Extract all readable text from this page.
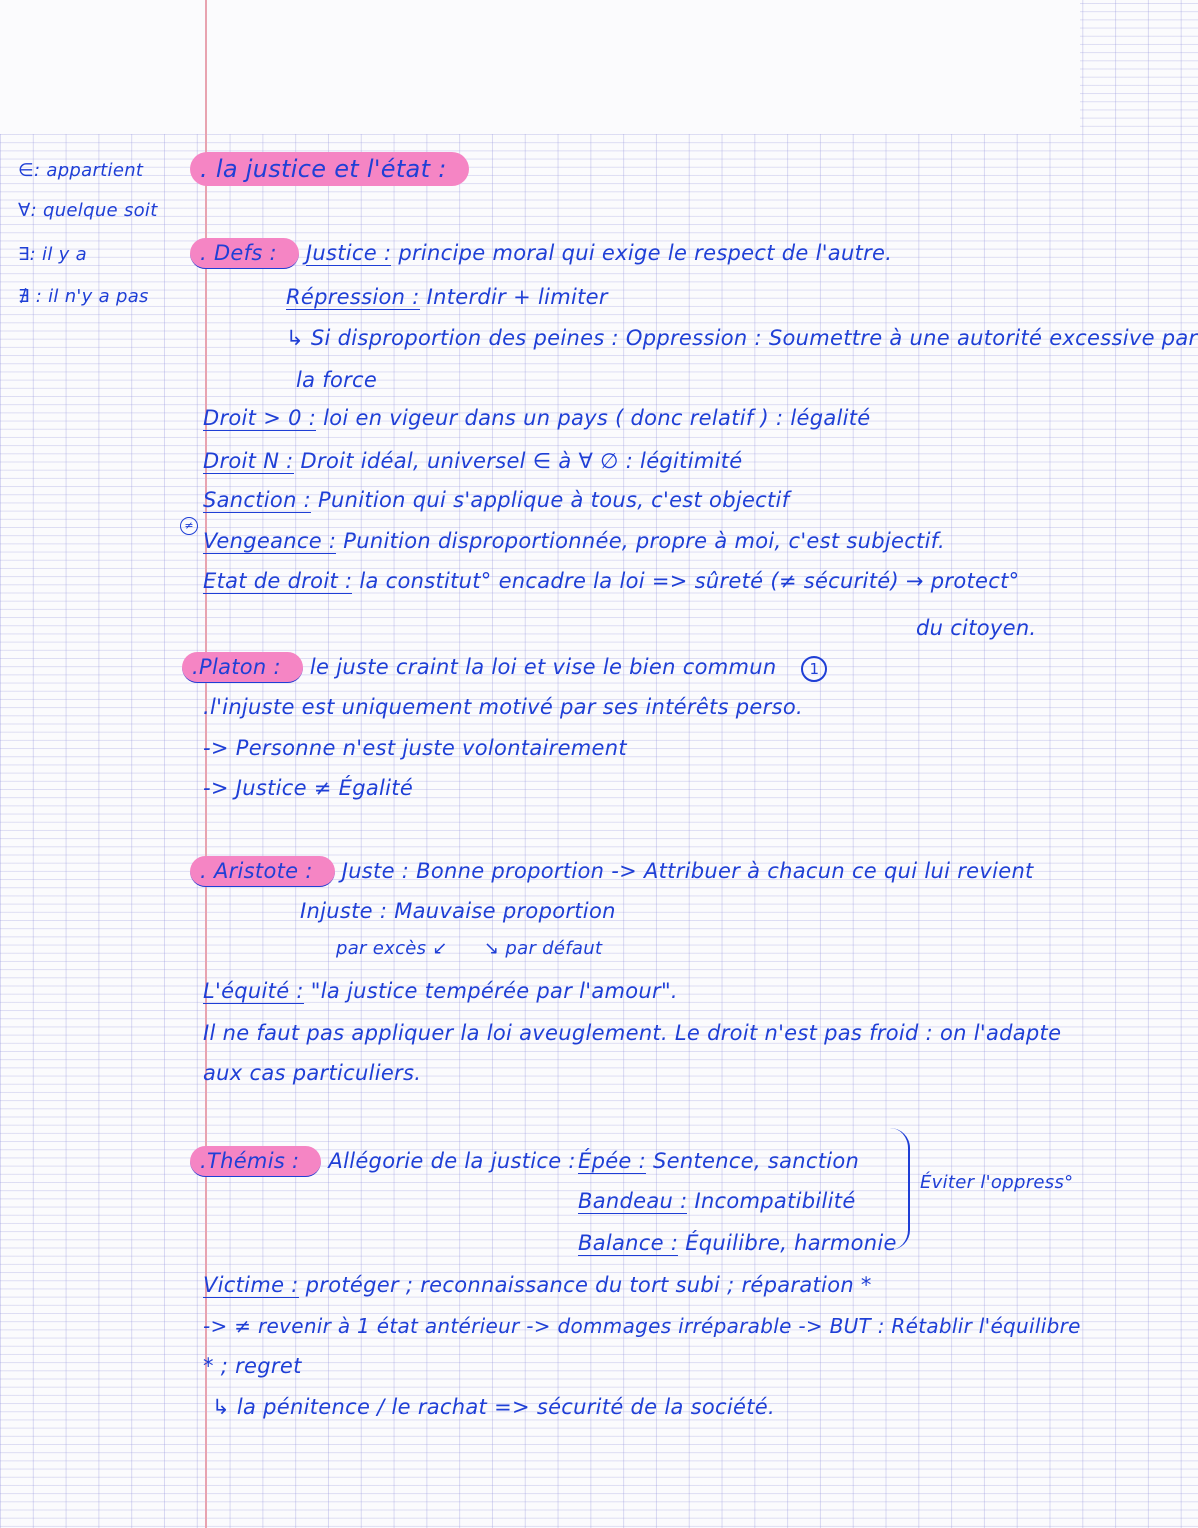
∈: appartient
∀: quelque soit
∃: il y a
∄ : il n'y a pas
. la justice et l'état :
. Defs : Justice : principe moral qui exige le respect de l'autre.
Répression : Interdir + limiter
↳ Si disproportion des peines : Oppression : Soumettre à une autorité excessive par
la force
Droit > 0 : loi en vigeur dans un pays ( donc relatif ) : légalité
Droit N : Droit idéal, universel ∈ à ∀ ∅ : légitimité
≠
Sanction : Punition qui s'applique à tous, c'est objectif
Vengeance : Punition disproportionnée, propre à moi, c'est subjectif.
Etat de droit : la constitut° encadre la loi => sûreté (≠ sécurité) → protect°
du citoyen.
.Platon : le juste craint la loi et vise le bien commun 1
.l'injuste est uniquement motivé par ses intérêts perso.
-> Personne n'est juste volontairement
-> Justice ≠ Égalité
. Aristote : Juste : Bonne proportion -> Attribuer à chacun ce qui lui revient
Injuste : Mauvaise proportion
par excès ↙ ↘ par défaut
L'équité : "la justice tempérée par l'amour".
Il ne faut pas appliquer la loi aveuglement. Le droit n'est pas froid : on l'adapte
aux cas particuliers.
.Thémis : Allégorie de la justice : Épée : Sentence, sanction
Bandeau : Incompatibilité
Balance : Équilibre, harmonie
Éviter l'oppress°
Victime : protéger ; reconnaissance du tort subi ; réparation *
-> ≠ revenir à 1 état antérieur -> dommages irréparable -> BUT : Rétablir l'équilibre
* ; regret
↳ la pénitence / le rachat => sécurité de la société.
